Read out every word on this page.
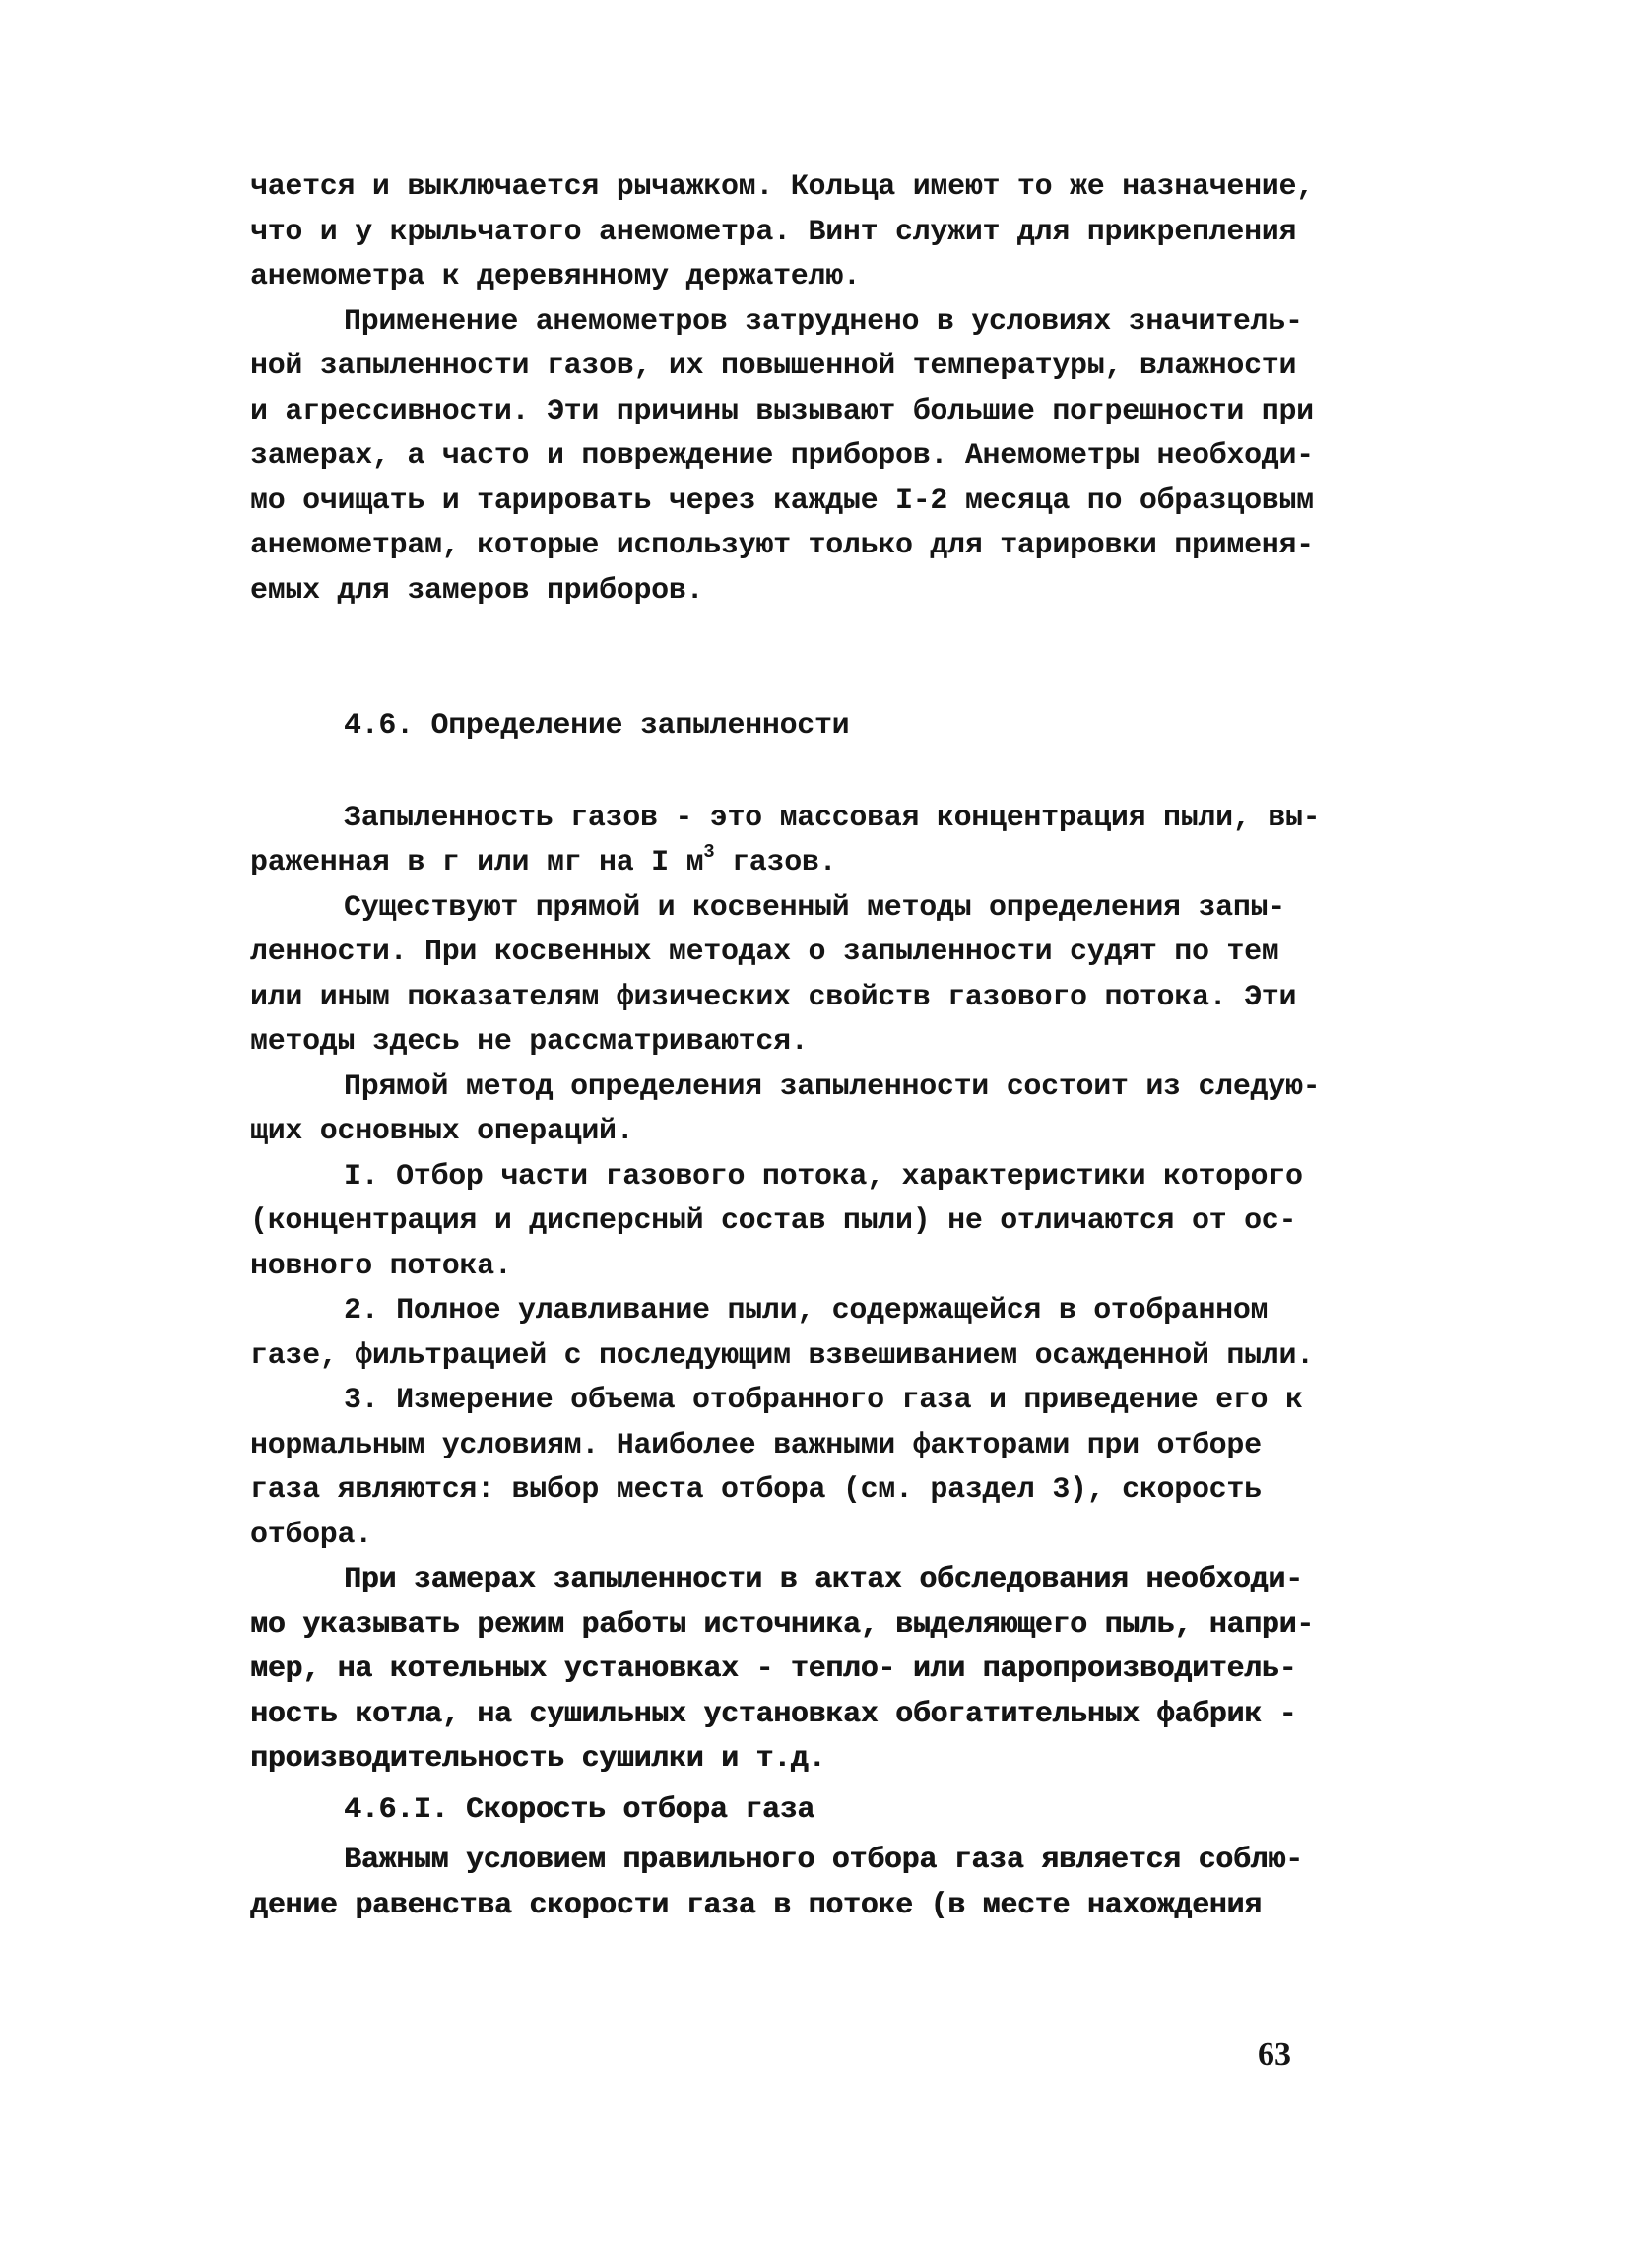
чается и выключается рычажком. Кольца имеют то же назначение,

что и у крыльчатого анемометра. Винт служит для прикрепления

анемометра к деревянному держателю.

Применение анемометров затруднено в условиях значитель-

ной запыленности газов, их повышенной температуры, влажности

и агрессивности. Эти причины вызывают большие погрешности при

замерах, а часто и повреждение приборов. Анемометры необходи-

мо очищать и тарировать через каждые I-2 месяца по образцовым

анемометрам, которые используют только для тарировки применя-

емых для замеров приборов.

4.6. Определение запыленности

Запыленность газов - это массовая концентрация пыли, вы-

раженная в г или мг на I $м^3$ газов.

Существуют прямой и косвенный методы определения запы-

ленности. При косвенных методах о запыленности судят по тем

или иным показателям физических свойств газового потока. Эти

методы здесь не рассматриваются.

Прямой метод определения запыленности состоит из следую-

щих основных операций.

I. Отбор части газового потока, характеристики которого

(концентрация и дисперсный состав пыли) не отличаются от ос-

новного потока.

2. Полное улавливание пыли, содержащейся в отобранном

газе, фильтрацией с последующим взвешиванием осажденной пыли.

3. Измерение объема отобранного газа и приведение его к

нормальным условиям. Наиболее важными факторами при отборе

газа являются: выбор места отбора (см. раздел 3), скорость

отбора.

При замерах запыленности в актах обследования необходи-

мо указывать режим работы источника, выделяющего пыль, напри-

мер, на котельных установках - тепло- или паропроизводитель-

ность котла, на сушильных установках обогатительных фабрик -

производительность сушилки и т.д.

4.6.I. Скорость отбора газа

Важным условием правильного отбора газа является соблю-

дение равенства скорости газа в потоке (в месте нахождения

63
